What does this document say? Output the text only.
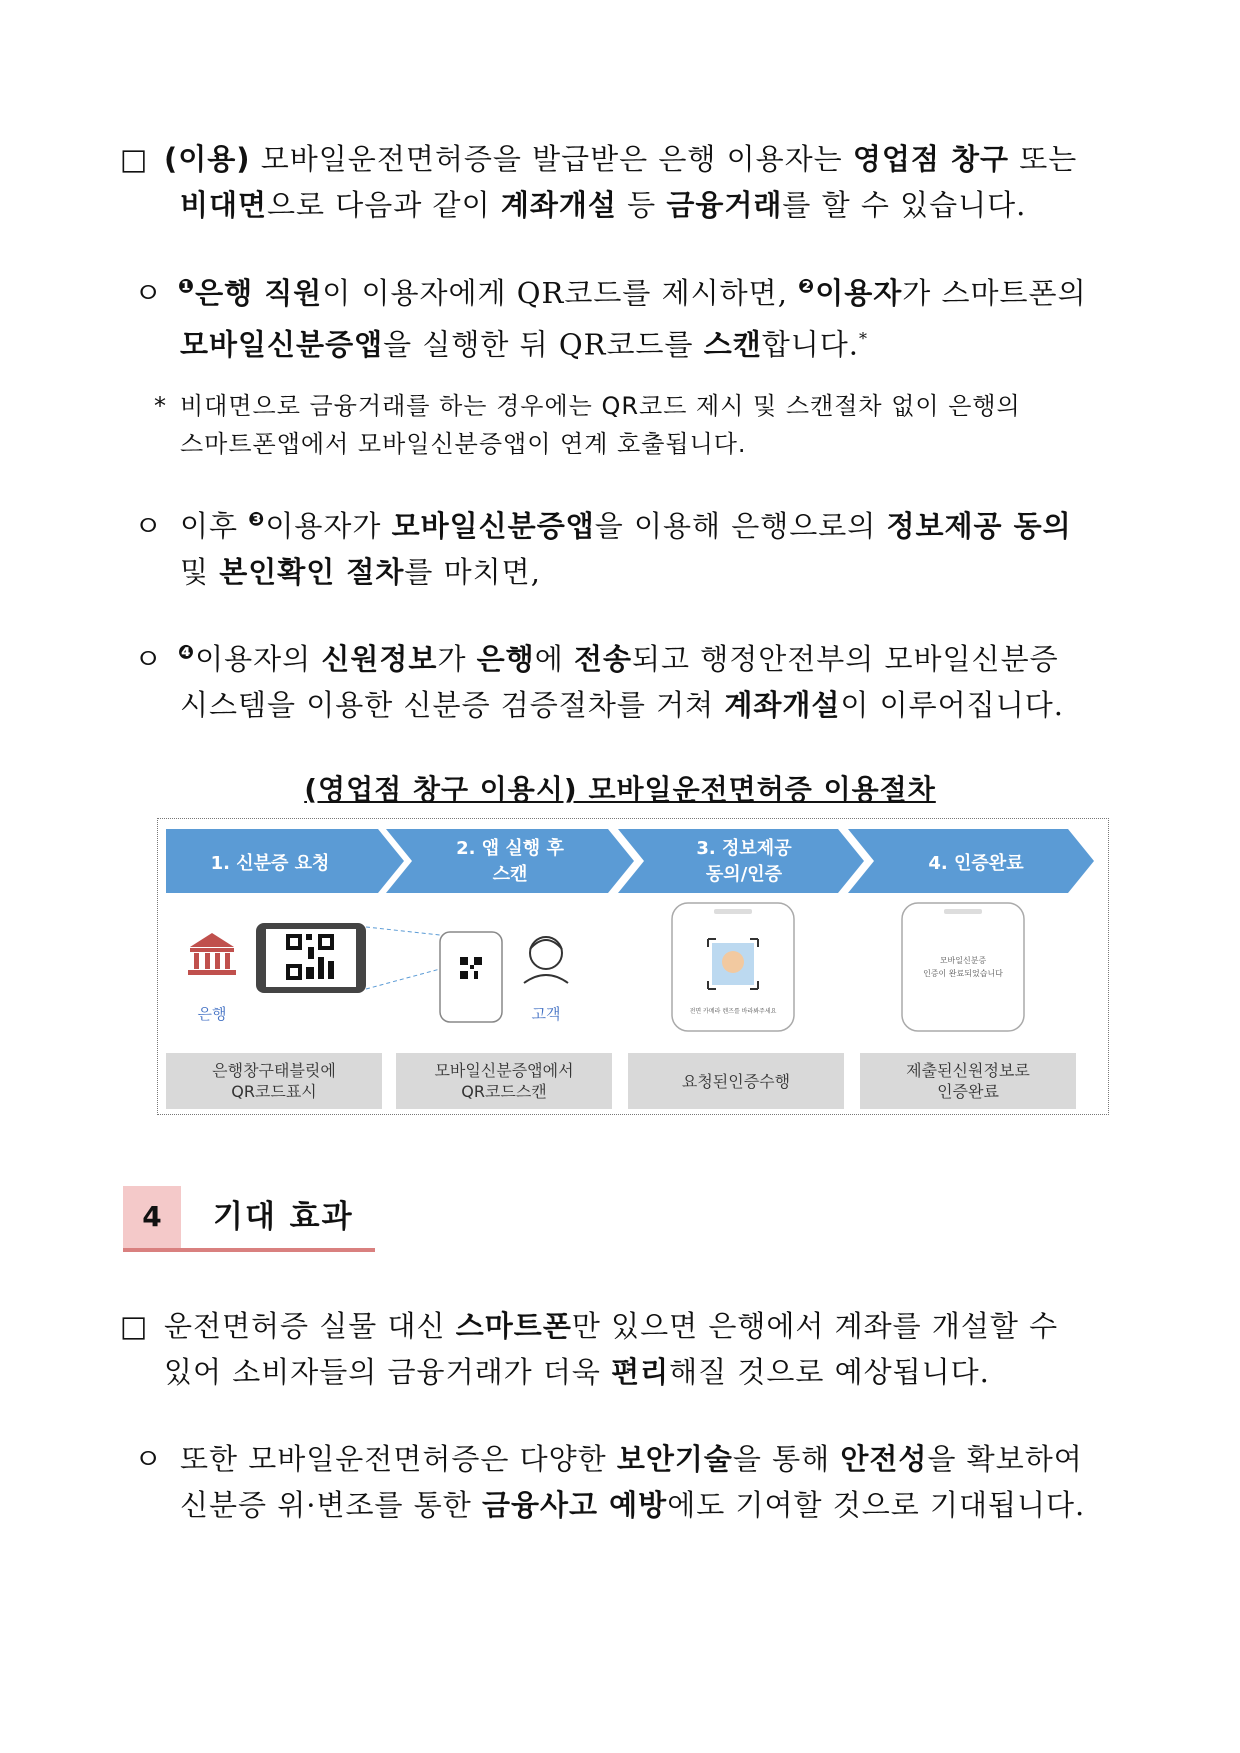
□ (이용) 모바일운전면허증을 발급받은 은행 이용자는 영업점 창구 또는
비대면으로 다음과 같이 계좌개설 등 금융거래를 할 수 있습니다.
ㅇ $^❶$은행 직원이 이용자에게 QR코드를 제시하면, $^❷$이용자가 스마트폰의
모바일신분증앱을 실행한 뒤 QR코드를 스캔합니다.*
* 비대면으로 금융거래를 하는 경우에는 QR코드 제시 및 스캔절차 없이 은행의
스마트폰앱에서 모바일신분증앱이 연계 호출됩니다.
ㅇ 이후 $^❸$이용자가 모바일신분증앱을 이용해 은행으로의 정보제공 동의
및 본인확인 절차를 마치면,
ㅇ $^❹$이용자의 신원정보가 은행에 전송되고 행정안전부의 모바일신분증
시스템을 이용한 신분증 검증절차를 거쳐 계좌개설이 이루어집니다.
(영업점 창구 이용시) 모바일운전면허증 이용절차
1. 신분증 요청
2. 앱 실행 후
스캔
3. 정보제공
동의/인증
4. 인증완료
은행	고객	전면 카메라 렌즈를 바라봐주세요
모바일신분증
인증이 완료되었습니다
은행창구태블릿에
QR코드표시
모바일신분증앱에서
QR코드스캔
요청된인증수행
제출된신원정보로
인증완료
4	기대 효과
□ 운전면허증 실물 대신 스마트폰만 있으면 은행에서 계좌를 개설할 수
있어 소비자들의 금융거래가 더욱 편리해질 것으로 예상됩니다.
ㅇ 또한 모바일운전면허증은 다양한 보안기술을 통해 안전성을 확보하여
신분증 위·변조를 통한 금융사고 예방에도 기여할 것으로 기대됩니다.
